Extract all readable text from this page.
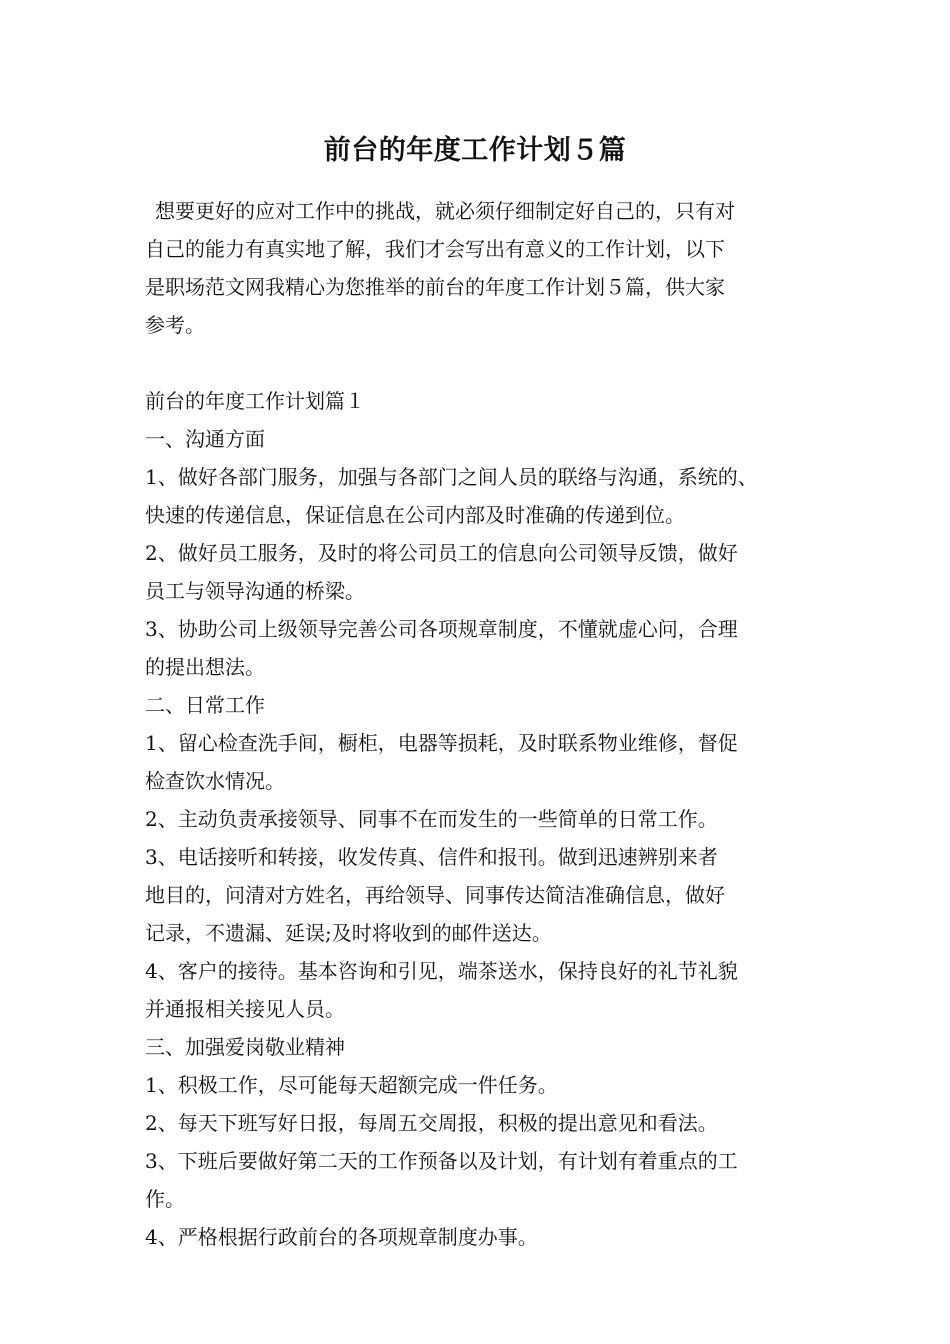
前台的年度工作计划５篇

想要更好的应对工作中的挑战，就必须仔细制定好自己的，只有对

自己的能力有真实地了解，我们才会写出有意义的工作计划，以下

是职场范文网我精心为您推举的前台的年度工作计划５篇，供大家

参考。

前台的年度工作计划篇１

一、沟通方面

1、做好各部门服务，加强与各部门之间人员的联络与沟通，系统的、

快速的传递信息，保证信息在公司内部及时准确的传递到位。

2、做好员工服务，及时的将公司员工的信息向公司领导反馈，做好

员工与领导沟通的桥梁。

3、协助公司上级领导完善公司各项规章制度，不懂就虚心问，合理

的提出想法。

二、日常工作

1、留心检查洗手间，橱柜，电器等损耗，及时联系物业维修，督促

检查饮水情况。

2、主动负责承接领导、同事不在而发生的一些简单的日常工作。

3、电话接听和转接，收发传真、信件和报刊。做到迅速辨别来者

地目的，问清对方姓名，再给领导、同事传达简洁准确信息，做好

记录，不遗漏、延误;及时将收到的邮件送达。

4、客户的接待。基本咨询和引见，端茶送水，保持良好的礼节礼貌

并通报相关接见人员。

三、加强爱岗敬业精神

1、积极工作，尽可能每天超额完成一件任务。

2、每天下班写好日报，每周五交周报，积极的提出意见和看法。

3、下班后要做好第二天的工作预备以及计划，有计划有着重点的工

作。

4、严格根据行政前台的各项规章制度办事。
